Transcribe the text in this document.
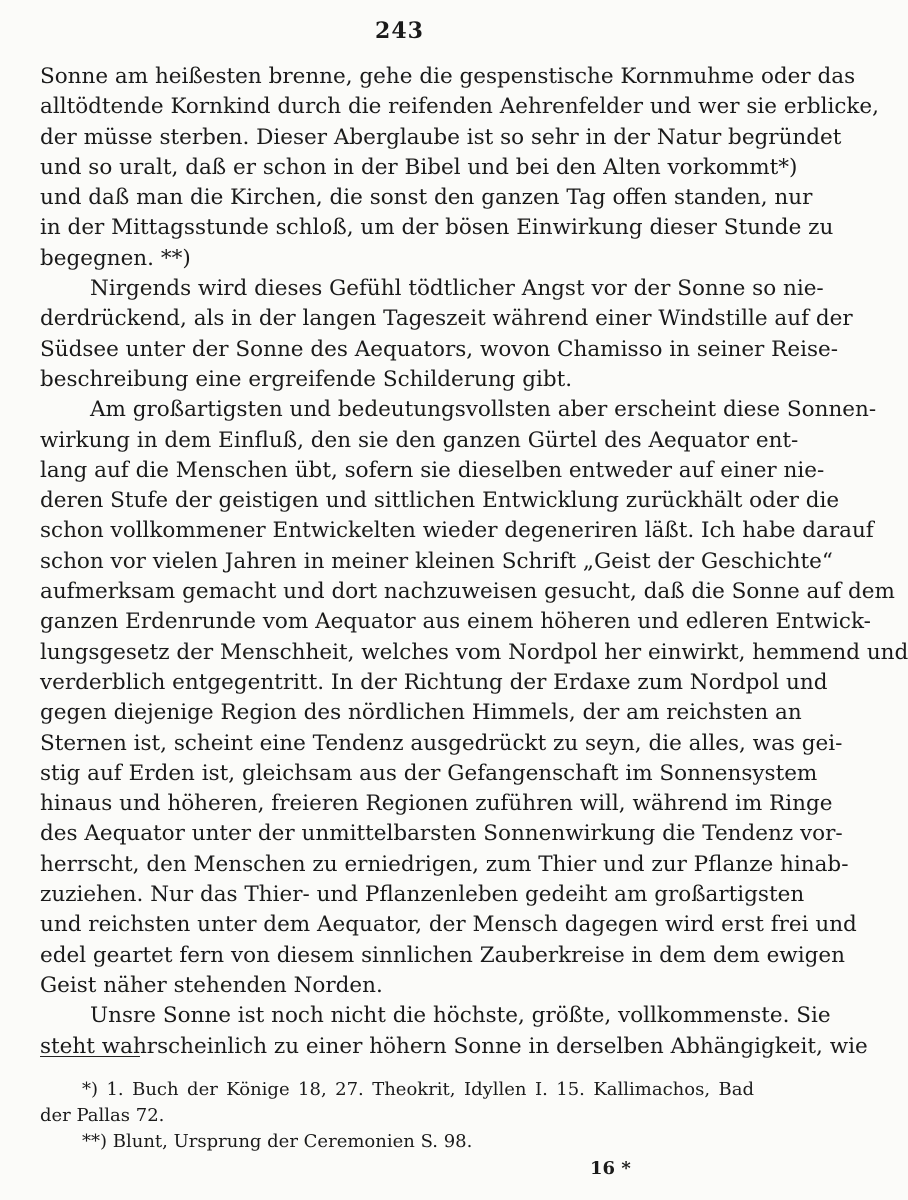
243
Sonne am heißesten brenne, gehe die gespenstische Kornmuhme oder das
alltödtende Kornkind durch die reifenden Aehrenfelder und wer sie erblicke,
der müsse sterben. Dieser Aberglaube ist so sehr in der Natur begründet
und so uralt, daß er schon in der Bibel und bei den Alten vorkommt*)
und daß man die Kirchen, die sonst den ganzen Tag offen standen, nur
in der Mittagsstunde schloß, um der bösen Einwirkung dieser Stunde zu
begegnen. **)
Nirgends wird dieses Gefühl tödtlicher Angst vor der Sonne so nie-
derdrückend, als in der langen Tageszeit während einer Windstille auf der
Südsee unter der Sonne des Aequators, wovon Chamisso in seiner Reise-
beschreibung eine ergreifende Schilderung gibt.
Am großartigsten und bedeutungsvollsten aber erscheint diese Sonnen-
wirkung in dem Einfluß, den sie den ganzen Gürtel des Aequator ent-
lang auf die Menschen übt, sofern sie dieselben entweder auf einer nie-
deren Stufe der geistigen und sittlichen Entwicklung zurückhält oder die
schon vollkommener Entwickelten wieder degeneriren läßt. Ich habe darauf
schon vor vielen Jahren in meiner kleinen Schrift „Geist der Geschichte“
aufmerksam gemacht und dort nachzuweisen gesucht, daß die Sonne auf dem
ganzen Erdenrunde vom Aequator aus einem höheren und edleren Entwick-
lungsgesetz der Menschheit, welches vom Nordpol her einwirkt, hemmend und
verderblich entgegentritt. In der Richtung der Erdaxe zum Nordpol und
gegen diejenige Region des nördlichen Himmels, der am reichsten an
Sternen ist, scheint eine Tendenz ausgedrückt zu seyn, die alles, was gei-
stig auf Erden ist, gleichsam aus der Gefangenschaft im Sonnensystem
hinaus und höheren, freieren Regionen zuführen will, während im Ringe
des Aequator unter der unmittelbarsten Sonnenwirkung die Tendenz vor-
herrscht, den Menschen zu erniedrigen, zum Thier und zur Pflanze hinab-
zuziehen. Nur das Thier- und Pflanzenleben gedeiht am großartigsten
und reichsten unter dem Aequator, der Mensch dagegen wird erst frei und
edel geartet fern von diesem sinnlichen Zauberkreise in dem dem ewigen
Geist näher stehenden Norden.
Unsre Sonne ist noch nicht die höchste, größte, vollkommenste. Sie
steht wahrscheinlich zu einer höhern Sonne in derselben Abhängigkeit, wie
*) 1. Buch der Könige 18, 27. Theokrit, Idyllen I. 15. Kallimachos, Bad
der Pallas 72.
**) Blunt, Ursprung der Ceremonien S. 98.
16 *
